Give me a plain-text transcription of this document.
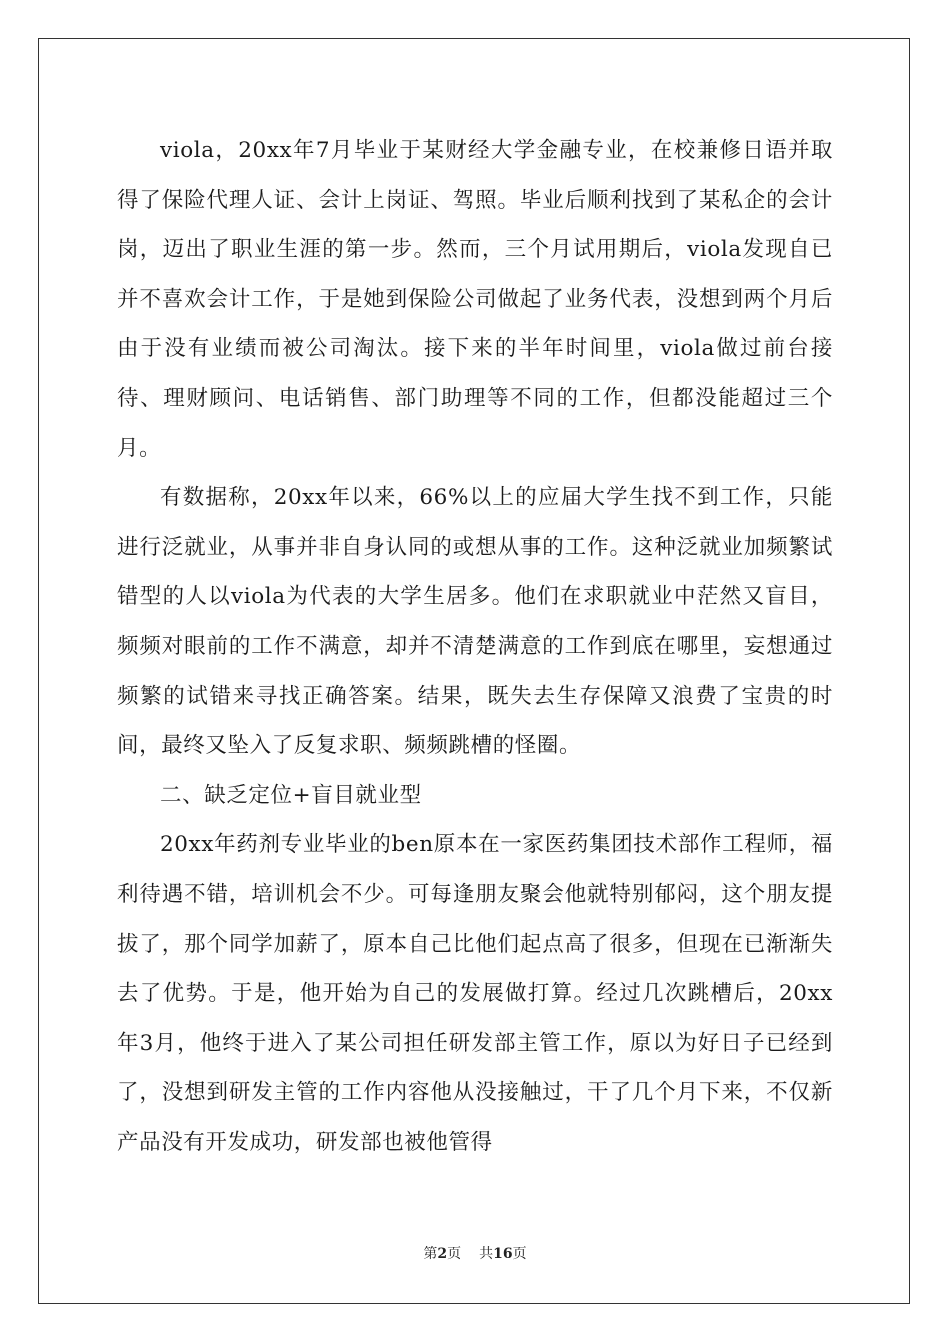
viola，20xx年7月毕业于某财经大学金融专业，在校兼修日语并取得了保险代理人证、会计上岗证、驾照。毕业后顺利找到了某私企的会计岗，迈出了职业生涯的第一步。然而，三个月试用期后，viola发现自已并不喜欢会计工作，于是她到保险公司做起了业务代表，没想到两个月后由于没有业绩而被公司淘汰。接下来的半年时间里，viola做过前台接待、理财顾问、电话销售、部门助理等不同的工作，但都没能超过三个月。

有数据称，20xx年以来，66%以上的应届大学生找不到工作，只能进行泛就业，从事并非自身认同的或想从事的工作。这种泛就业加频繁试错型的人以viola为代表的大学生居多。他们在求职就业中茫然又盲目，频频对眼前的工作不满意，却并不清楚满意的工作到底在哪里，妄想通过频繁的试错来寻找正确答案。结果，既失去生存保障又浪费了宝贵的时间，最终又坠入了反复求职、频频跳槽的怪圈。

二、缺乏定位+盲目就业型

20xx年药剂专业毕业的ben原本在一家医药集团技术部作工程师，福利待遇不错，培训机会不少。可每逢朋友聚会他就特别郁闷，这个朋友提拔了，那个同学加薪了，原本自己比他们起点高了很多，但现在已渐渐失去了优势。于是，他开始为自己的发展做打算。经过几次跳槽后，20xx年3月，他终于进入了某公司担任研发部主管工作，原以为好日子已经到了，没想到研发主管的工作内容他从没接触过，干了几个月下来，不仅新产品没有开发成功，研发部也被他管得

第2页 共16页
